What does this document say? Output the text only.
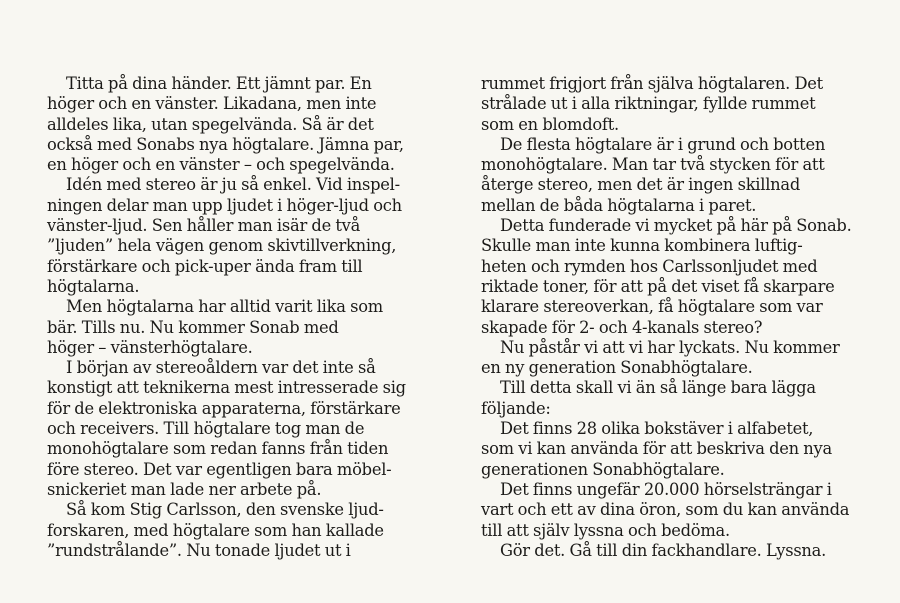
Titta på dina händer. Ett jämnt par. En
höger och en vänster. Likadana, men inte
alldeles lika, utan spegelvända. Så är det
också med Sonabs nya högtalare. Jämna par,
en höger och en vänster – och spegelvända.
Idén med stereo är ju så enkel. Vid inspel-
ningen delar man upp ljudet i höger-ljud och
vänster-ljud. Sen håller man isär de två
”ljuden” hela vägen genom skivtillverkning,
förstärkare och pick-uper ända fram till
högtalarna.
Men högtalarna har alltid varit lika som
bär. Tills nu. Nu kommer Sonab med
höger – vänsterhögtalare.
I början av stereoåldern var det inte så
konstigt att teknikerna mest intresserade sig
för de elektroniska apparaterna, förstärkare
och receivers. Till högtalare tog man de
monohögtalare som redan fanns från tiden
före stereo. Det var egentligen bara möbel-
snickeriet man lade ner arbete på.
Så kom Stig Carlsson, den svenske ljud-
forskaren, med högtalare som han kallade
”rundstrålande”. Nu tonade ljudet ut i
rummet frigjort från själva högtalaren. Det
strålade ut i alla riktningar, fyllde rummet
som en blomdoft.
De flesta högtalare är i grund och botten
monohögtalare. Man tar två stycken för att
återge stereo, men det är ingen skillnad
mellan de båda högtalarna i paret.
Detta funderade vi mycket på här på Sonab.
Skulle man inte kunna kombinera luftig-
heten och rymden hos Carlssonljudet med
riktade toner, för att på det viset få skarpare
klarare stereoverkan, få högtalare som var
skapade för 2- och 4-kanals stereo?
Nu påstår vi att vi har lyckats. Nu kommer
en ny generation Sonabhögtalare.
Till detta skall vi än så länge bara lägga
följande:
Det finns 28 olika bokstäver i alfabetet,
som vi kan använda för att beskriva den nya
generationen Sonabhögtalare.
Det finns ungefär 20.000 hörselsträngar i
vart och ett av dina öron, som du kan använda
till att själv lyssna och bedöma.
Gör det. Gå till din fackhandlare. Lyssna.
